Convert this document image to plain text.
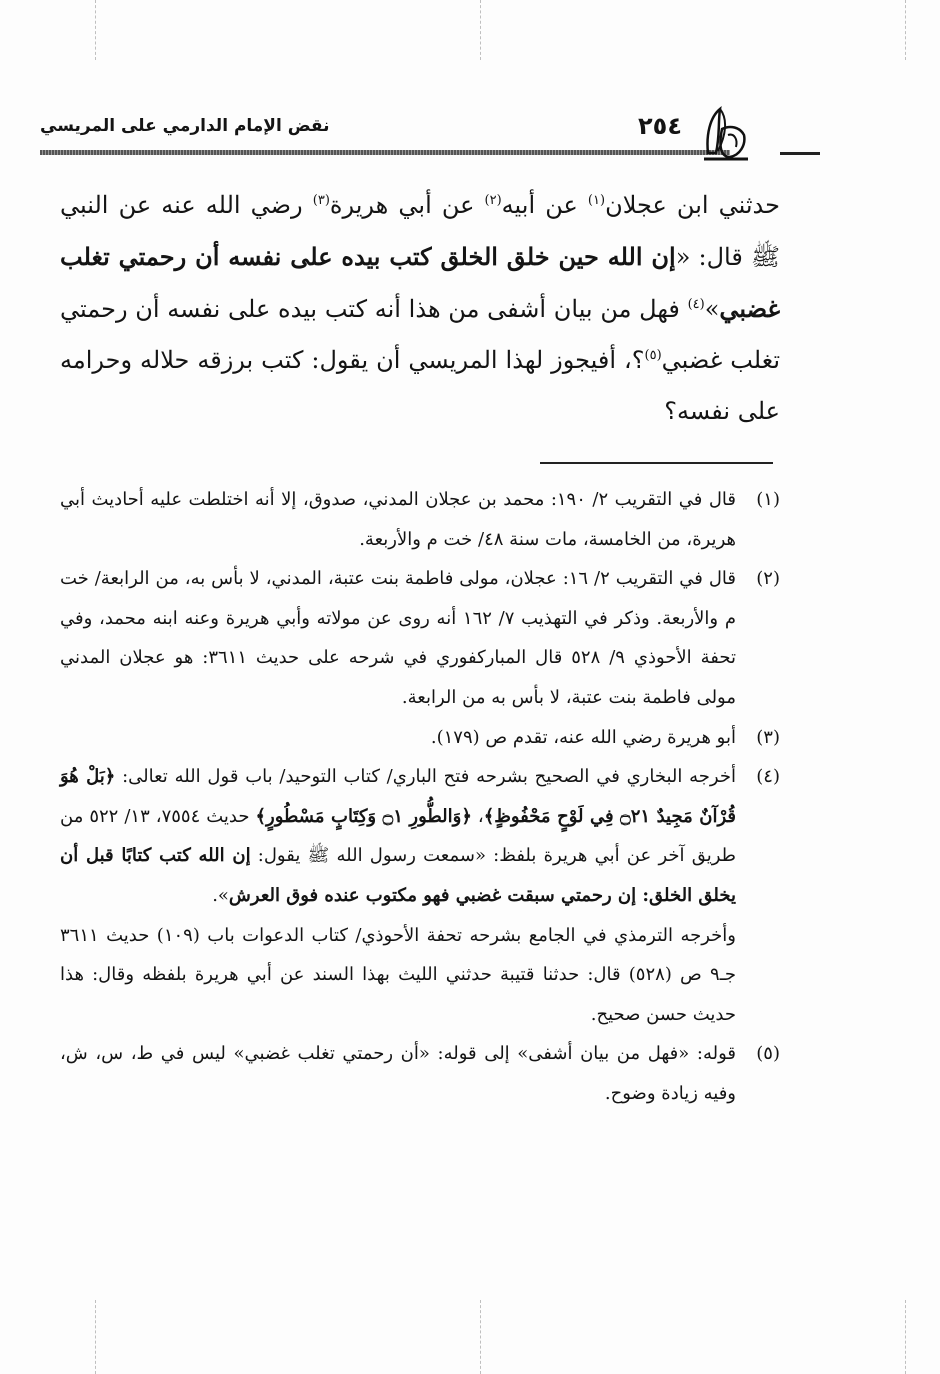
نقض الإمام الدارمي على المريسي	٢٥٤

حدثني ابن عجلان$^{(١)}$ عن أبيه$^{(٢)}$ عن أبي هريرة$^{(٣)}$ رضي الله عنه عن النبي ﷺ قال: «إن الله حين خلق الخلق كتب بيده على نفسه أن رحمتي تغلب غضبي»$^{(٤)}$ فهل من بيان أشفى من هذا أنه كتب بيده على نفسه أن رحمتي تغلب غضبي$^{(٥)}$؟، أفيجوز لهذا المريسي أن يقول: كتب برزقه حلاله وحرامه على نفسه؟

(١)

قال في التقريب ٢/ ١٩٠: محمد بن عجلان المدني، صدوق، إلا أنه اختلطت عليه أحاديث أبي هريرة، من الخامسة، مات سنة ٤٨/ خت م والأربعة.

(٢)

قال في التقريب ٢/ ١٦: عجلان، مولى فاطمة بنت عتبة، المدني، لا بأس به، من الرابعة/ خت م والأربعة. وذكر في التهذيب ٧/ ١٦٢ أنه روى عن مولاته وأبي هريرة وعنه ابنه محمد، وفي تحفة الأحوذي ٩/ ٥٢٨ قال المباركفوري في شرحه على حديث ٣٦١١: هو عجلان المدني مولى فاطمة بنت عتبة، لا بأس به من الرابعة.

(٣)

أبو هريرة رضي الله عنه، تقدم ص (١٧٩).

(٤)

أخرجه البخاري في الصحيح بشرحه فتح الباري/ كتاب التوحيد/ باب قول الله تعالى: ﴿بَلْ هُوَ قُرْآنٌ مَجِيدٌ ۝٢١ فِي لَوْحٍ مَحْفُوظٍ﴾، ﴿وَالطُّورِ ۝١ وَكِتَابٍ مَسْطُورٍ﴾ حديث ٧٥٥٤، ١٣/ ٥٢٢ من طريق آخر عن أبي هريرة بلفظ: «سمعت رسول الله ﷺ يقول: إن الله كتب كتابًا قبل أن يخلق الخلق: إن رحمتي سبقت غضبي فهو مكتوب عنده فوق العرش».

وأخرجه الترمذي في الجامع بشرحه تحفة الأحوذي/ كتاب الدعوات باب (١٠٩) حديث ٣٦١١ جـ٩ ص (٥٢٨) قال: حدثنا قتيبة حدثني الليث بهذا السند عن أبي هريرة بلفظه وقال: هذا حديث حسن صحيح.

(٥)

قوله: «فهل من بيان أشفى» إلى قوله: «أن رحمتي تغلب غضبي» ليس في ط، س، ش، وفيه زيادة وضوح.
